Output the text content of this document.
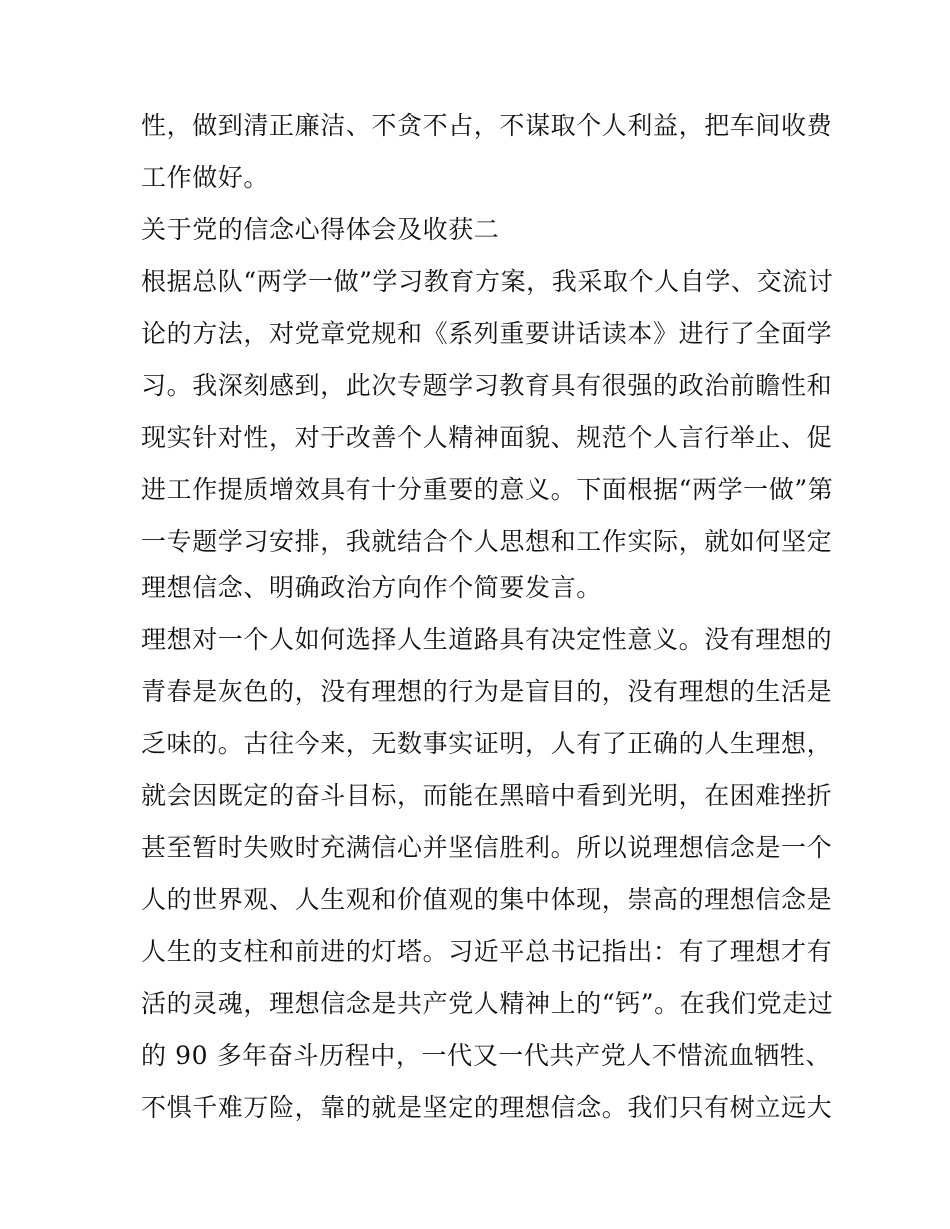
性，做到清正廉洁、不贪不占，不谋取个人利益，把车间收费
工作做好。
关于党的信念心得体会及收获二
根据总队“两学一做”学习教育方案，我采取个人自学、交流讨
论的方法，对党章党规和《系列重要讲话读本》进行了全面学
习。我深刻感到，此次专题学习教育具有很强的政治前瞻性和
现实针对性，对于改善个人精神面貌、规范个人言行举止、促
进工作提质增效具有十分重要的意义。下面根据“两学一做”第
一专题学习安排，我就结合个人思想和工作实际，就如何坚定
理想信念、明确政治方向作个简要发言。
理想对一个人如何选择人生道路具有决定性意义。没有理想的
青春是灰色的，没有理想的行为是盲目的，没有理想的生活是
乏味的。古往今来，无数事实证明，人有了正确的人生理想，
就会因既定的奋斗目标，而能在黑暗中看到光明，在困难挫折
甚至暂时失败时充满信心并坚信胜利。所以说理想信念是一个
人的世界观、人生观和价值观的集中体现，崇高的理想信念是
人生的支柱和前进的灯塔。习近平总书记指出：有了理想才有
活的灵魂，理想信念是共产党人精神上的“钙”。在我们党走过
的 90 多年奋斗历程中，一代又一代共产党人不惜流血牺牲、
不惧千难万险，靠的就是坚定的理想信念。我们只有树立远大
